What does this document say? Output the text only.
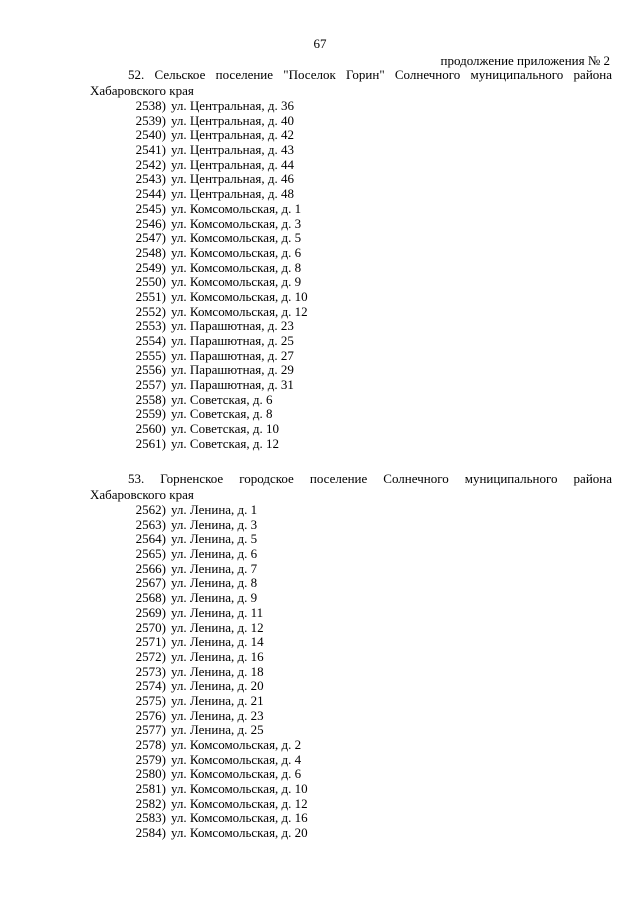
67
продолжение приложения № 2
52. Сельское поселение "Поселок Горин" Солнечного муниципального района Хабаровского края
2538) ул. Центральная, д. 36
2539) ул. Центральная, д. 40
2540) ул. Центральная, д. 42
2541) ул. Центральная, д. 43
2542) ул. Центральная, д. 44
2543) ул. Центральная, д. 46
2544) ул. Центральная, д. 48
2545) ул. Комсомольская, д. 1
2546) ул. Комсомольская, д. 3
2547) ул. Комсомольская, д. 5
2548) ул. Комсомольская, д. 6
2549) ул. Комсомольская, д. 8
2550) ул. Комсомольская, д. 9
2551) ул. Комсомольская, д. 10
2552) ул. Комсомольская, д. 12
2553) ул. Парашютная, д. 23
2554) ул. Парашютная, д. 25
2555) ул. Парашютная, д. 27
2556) ул. Парашютная, д. 29
2557) ул. Парашютная, д. 31
2558) ул. Советская, д. 6
2559) ул. Советская, д. 8
2560) ул. Советская, д. 10
2561) ул. Советская, д. 12
53. Горненское городское поселение Солнечного муниципального района Хабаровского края
2562) ул. Ленина, д. 1
2563) ул. Ленина, д. 3
2564) ул. Ленина, д. 5
2565) ул. Ленина, д. 6
2566) ул. Ленина, д. 7
2567) ул. Ленина, д. 8
2568) ул. Ленина, д. 9
2569) ул. Ленина, д. 11
2570) ул. Ленина, д. 12
2571) ул. Ленина, д. 14
2572) ул. Ленина, д. 16
2573) ул. Ленина, д. 18
2574) ул. Ленина, д. 20
2575) ул. Ленина, д. 21
2576) ул. Ленина, д. 23
2577) ул. Ленина, д. 25
2578) ул. Комсомольская, д. 2
2579) ул. Комсомольская, д. 4
2580) ул. Комсомольская, д. 6
2581) ул. Комсомольская, д. 10
2582) ул. Комсомольская, д. 12
2583) ул. Комсомольская, д. 16
2584) ул. Комсомольская, д. 20
